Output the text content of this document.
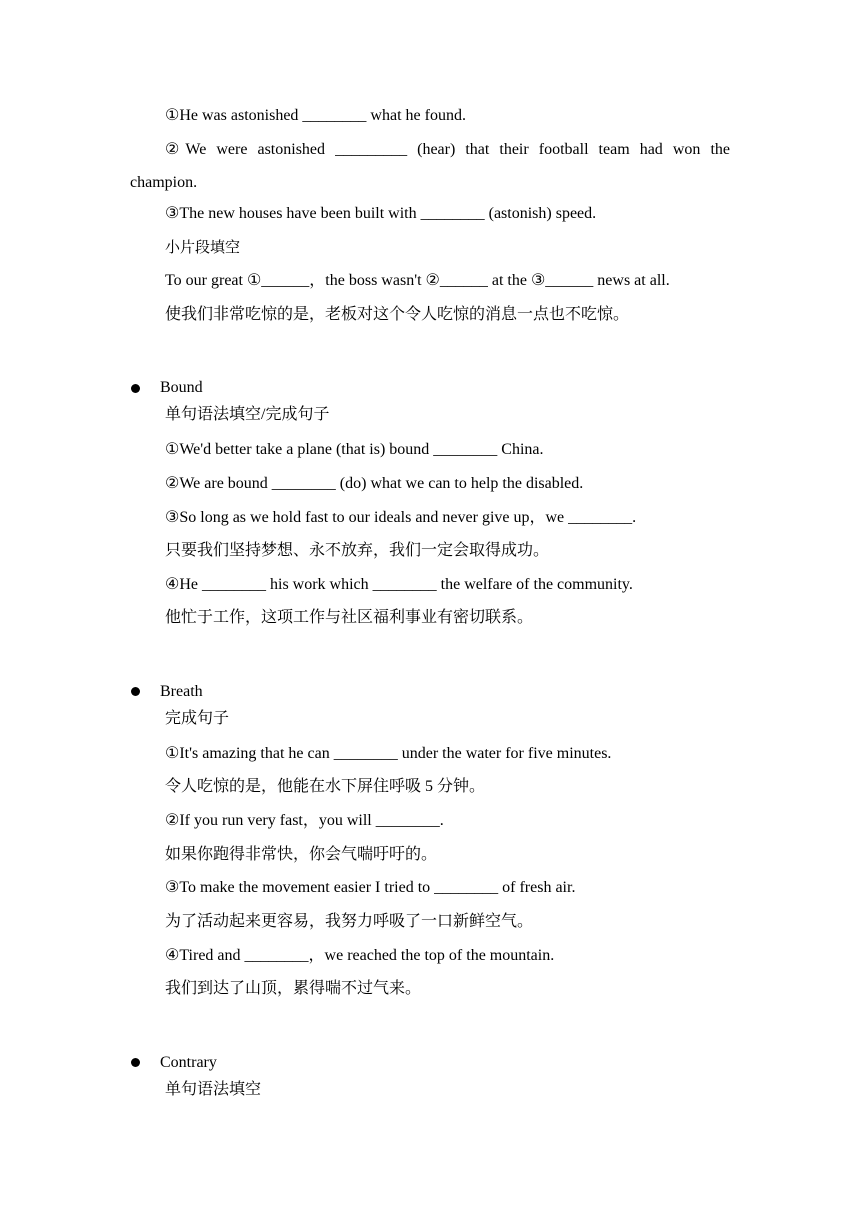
①He was astonished ________ what he found.
②We were astonished _________ (hear) that their football team had won the
champion.
③The new houses have been built with ________ (astonish) speed.
小片段填空
To our great ①______，the boss wasn't ②______ at the ③______ news at all.
使我们非常吃惊的是，老板对这个令人吃惊的消息一点也不吃惊。
Bound
单句语法填空/完成句子
①We'd better take a plane (that is) bound ________ China.
②We are bound ________ (do) what we can to help the disabled.
③So long as we hold fast to our ideals and never give up，we ________.
只要我们坚持梦想、永不放弃，我们一定会取得成功。
④He ________ his work which ________ the welfare of the community.
他忙于工作，这项工作与社区福利事业有密切联系。
Breath
完成句子
①It's amazing that he can ________ under the water for five minutes.
令人吃惊的是，他能在水下屏住呼吸 5 分钟。
②If you run very fast，you will ________.
如果你跑得非常快，你会气喘吁吁的。
③To make the movement easier I tried to ________ of fresh air.
为了活动起来更容易，我努力呼吸了一口新鲜空气。
④Tired and ________，we reached the top of the mountain.
我们到达了山顶，累得喘不过气来。
Contrary
单句语法填空
